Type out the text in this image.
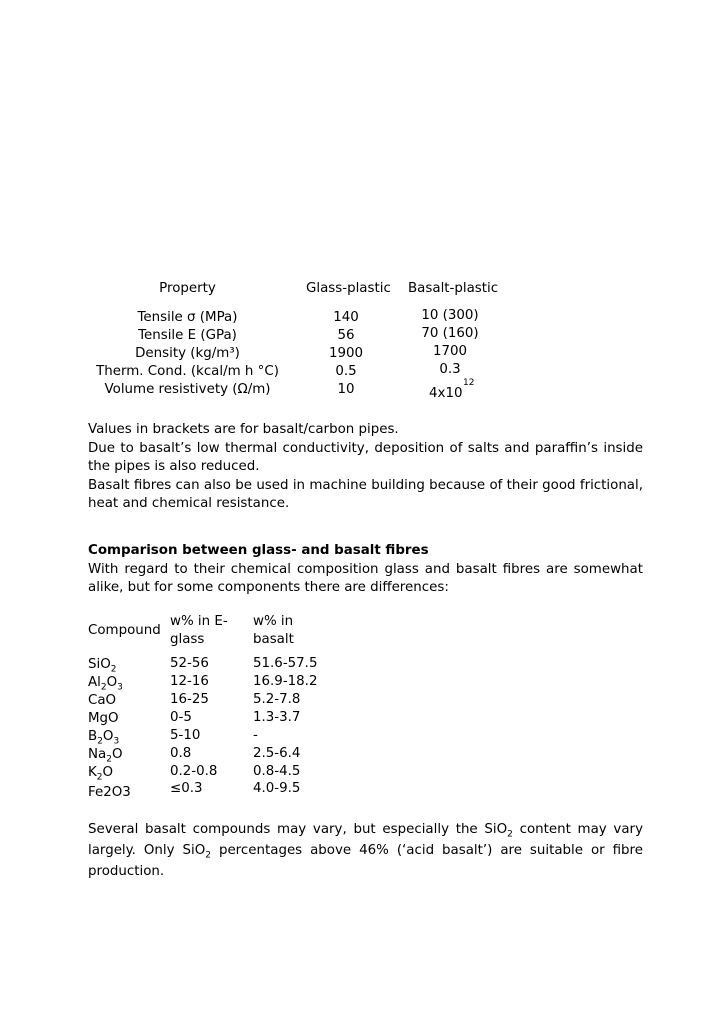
Property	Glass-plastic Basalt-plastic
Tensile σ (MPa)
Tensile E (GPa)
Density (kg/m³)
Therm. Cond. (kcal/m h °C)
Volume resistivety (Ω/m)
140
56
1900
0.5
10
10 (300)
70 (160)
1700
0.3
4x10
12
Values in brackets are for basalt/carbon pipes.
Due to basalt’s low thermal conductivity, deposition of salts and paraffin’s inside the pipes is also reduced.
Basalt fibres can also be used in machine building because of their good frictional, heat and chemical resistance.
Comparison between glass- and basalt fibres
With regard to their chemical composition glass and basalt fibres are somewhat alike, but for some components there are differences:
Compound
w% in E-
glass
w% in
basalt
SiO$_2$
$Al_2O_3$
CaO
MgO
$B_2O_3$
$Na_2O$
$K_2O$
Fe2O3
52-56
12-16
16-25
0-5
5-10
0.8
0.2-0.8
≤0.3
51.6-57.5
16.9-18.2
5.2-7.8
1.3-3.7
-
2.5-6.4
0.8-4.5
4.0-9.5
Several basalt compounds may vary, but especially the SiO$_2$ content may vary largely. Only SiO$_2$ percentages above 46% (‘acid basalt’) are suitable or fibre production.
